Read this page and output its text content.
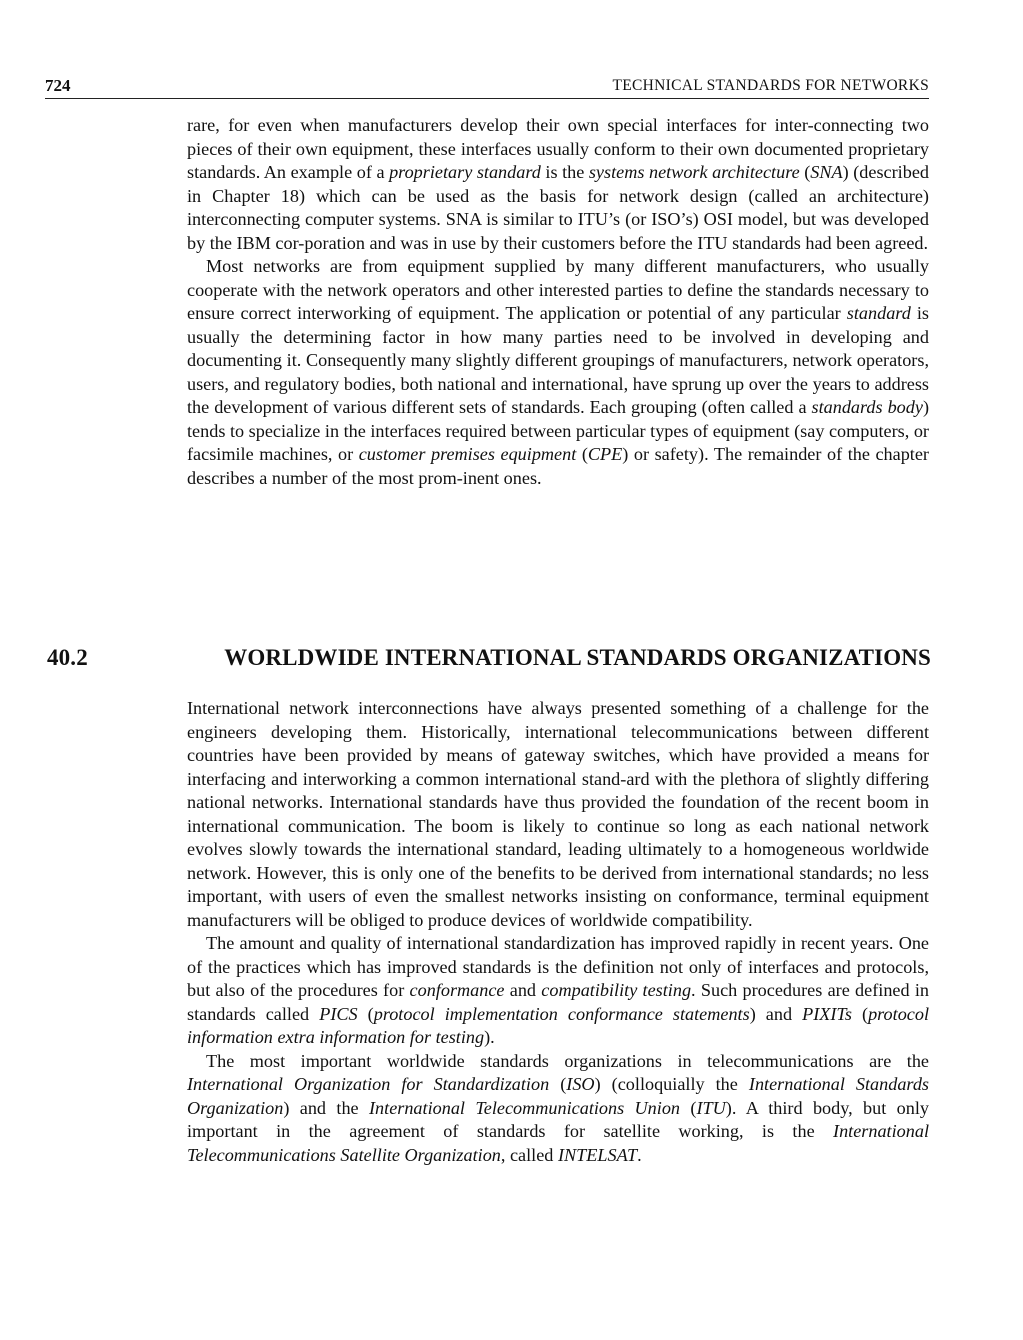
724	TECHNICAL STANDARDS FOR NETWORKS

rare, for even when manufacturers develop their own special interfaces for inter-connecting two pieces of their own equipment, these interfaces usually conform to their own documented proprietary standards. An example of a proprietary standard is the systems network architecture (SNA) (described in Chapter 18) which can be used as the basis for network design (called an architecture) interconnecting computer systems. SNA is similar to ITU’s (or ISO’s) OSI model, but was developed by the IBM cor-poration and was in use by their customers before the ITU standards had been agreed.

Most networks are from equipment supplied by many different manufacturers, who usually cooperate with the network operators and other interested parties to define the standards necessary to ensure correct interworking of equipment. The application or potential of any particular standard is usually the determining factor in how many parties need to be involved in developing and documenting it. Consequently many slightly different groupings of manufacturers, network operators, users, and regulatory bodies, both national and international, have sprung up over the years to address the development of various different sets of standards. Each grouping (often called a standards body) tends to specialize in the interfaces required between particular types of equipment (say computers, or facsimile machines, or customer premises equipment (CPE) or safety). The remainder of the chapter describes a number of the most prom-inent ones.

40.2	WORLDWIDE INTERNATIONAL STANDARDS ORGANIZATIONS

International network interconnections have always presented something of a challenge for the engineers developing them. Historically, international telecommunications between different countries have been provided by means of gateway switches, which have provided a means for interfacing and interworking a common international stand-ard with the plethora of slightly differing national networks. International standards have thus provided the foundation of the recent boom in international communication. The boom is likely to continue so long as each national network evolves slowly towards the international standard, leading ultimately to a homogeneous worldwide network. However, this is only one of the benefits to be derived from international standards; no less important, with users of even the smallest networks insisting on conformance, terminal equipment manufacturers will be obliged to produce devices of worldwide compatibility.

The amount and quality of international standardization has improved rapidly in recent years. One of the practices which has improved standards is the definition not only of interfaces and protocols, but also of the procedures for conformance and compatibility testing. Such procedures are defined in standards called PICS (protocol implementation conformance statements) and PIXITs (protocol information extra information for testing).

The most important worldwide standards organizations in telecommunications are the International Organization for Standardization (ISO) (colloquially the International Standards Organization) and the International Telecommunications Union (ITU). A third body, but only important in the agreement of standards for satellite working, is the International Telecommunications Satellite Organization, called INTELSAT.
